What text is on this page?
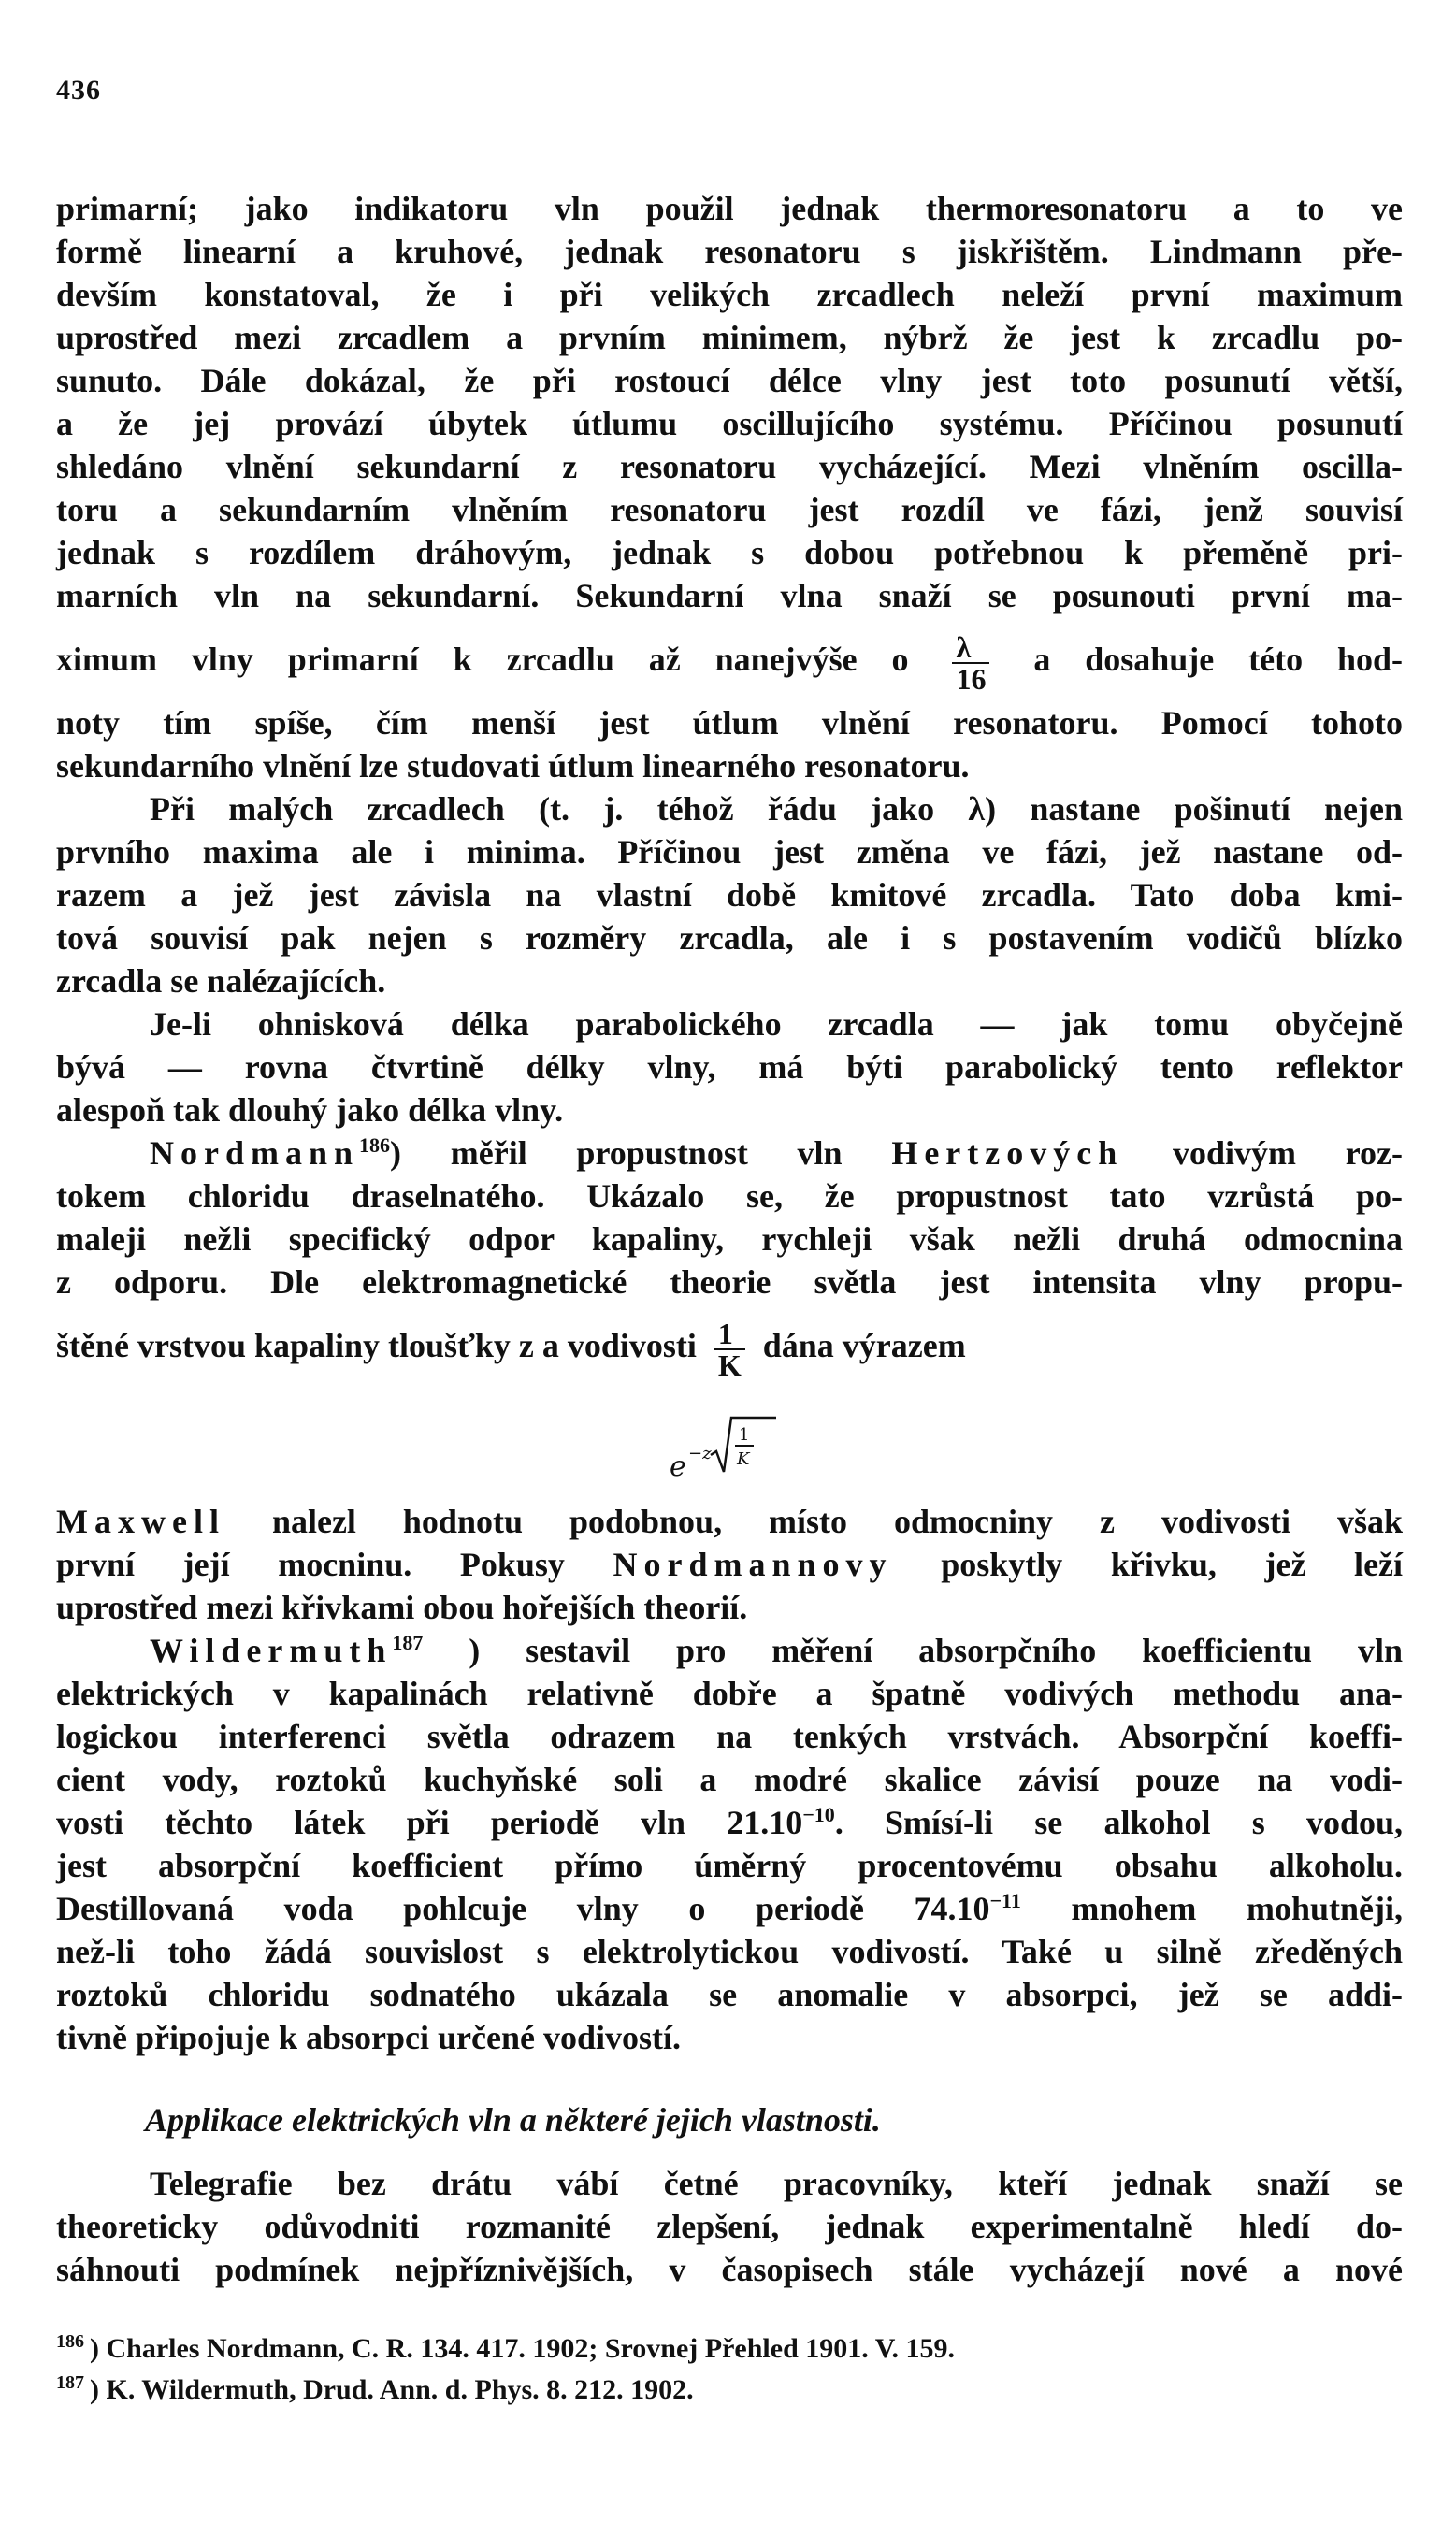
436
primarní; jako indikatoru vln použil jednak thermoresonatoru a to ve
formě linearní a kruhové, jednak resonatoru s jiskřištěm. Lindmann pře-
devším konstatoval, že i při velikých zrcadlech neleží první maximum
uprostřed mezi zrcadlem a prvním minimem, nýbrž že jest k zrcadlu po-
sunuto. Dále dokázal, že při rostoucí délce vlny jest toto posunutí větší,
a že jej provází úbytek útlumu oscillujícího systému. Příčinou posunutí
shledáno vlnění sekundarní z resonatoru vycházející. Mezi vlněním oscilla-
toru a sekundarním vlněním resonatoru jest rozdíl ve fázi, jenž souvisí
jednak s rozdílem dráhovým, jednak s dobou potřebnou k přeměně pri-
marních vln na sekundarní. Sekundarní vlna snaží se posunouti první ma-
ximum vlny primarní k zrcadlu až nanejvýše o $\frac{\lambda}{16}$ a dosahuje této hod-
noty tím spíše, čím menší jest útlum vlnění resonatoru. Pomocí tohoto
sekundarního vlnění lze studovati útlum linearného resonatoru.
Při malých zrcadlech (t. j. téhož řádu jako λ) nastane pošinutí nejen
prvního maxima ale i minima. Příčinou jest změna ve fázi, jež nastane od-
razem a jež jest závisla na vlastní době kmitové zrcadla. Tato doba kmi-
tová souvisí pak nejen s rozměry zrcadla, ale i s postavením vodičů blízko
zrcadla se nalézajících.
Je-li ohnisková délka parabolického zrcadla — jak tomu obyčejně
bývá — rovna čtvrtině délky vlny, má býti parabolický tento reflektor
alespoň tak dlouhý jako délka vlny.
Nordmann$^{186}$) měřil propustnost vln Hertzových vodivým roz-
tokem chloridu draselnatého. Ukázalo se, že propustnost tato vzrůstá po-
maleji nežli specifický odpor kapaliny, rychleji však nežli druhá odmocnina
z odporu. Dle elektromagnetické theorie světla jest intensita vlny propu-
štěné vrstvou kapaliny tloušťky z a vodivosti $\frac{1}{K}$ dána výrazem
e −z
1
K
Maxwell nalezl hodnotu podobnou, místo odmocniny z vodivosti však
první její mocninu. Pokusy Nordmannovy poskytly křivku, jež leží
uprostřed mezi křivkami obou hořejších theorií.
Wildermuth$^{187}$ ) sestavil pro měření absorpčního koefficientu vln
elektrických v kapalinách relativně dobře a špatně vodivých methodu ana-
logickou interferenci světla odrazem na tenkých vrstvách. Absorpční koeffi-
cient vody, roztoků kuchyňské soli a modré skalice závisí pouze na vodi-
vosti těchto látek při periodě vln $21.10^{-10}$. Smísí-li se alkohol s vodou,
jest absorpční koefficient přímo úměrný procentovému obsahu alkoholu.
Destillovaná voda pohlcuje vlny o periodě $74.10^{-11}$ mnohem mohutněji,
než-li toho žádá souvislost s elektrolytickou vodivostí. Také u silně zředěných
roztoků chloridu sodnatého ukázala se anomalie v absorpci, jež se addi-
tivně připojuje k absorpci určené vodivostí.
Applikace elektrických vln a některé jejich vlastnosti.
Telegrafie bez drátu vábí četné pracovníky, kteří jednak snaží se
theoreticky odůvodniti rozmanité zlepšení, jednak experimentalně hledí do-
sáhnouti podmínek nejpříznivějších, v časopisech stále vycházejí nové a nové
$^{186}$ ) Charles Nordmann, C. R. 134. 417. 1902; Srovnej Přehled 1901. V. 159.
$^{187}$ ) K. Wildermuth, Drud. Ann. d. Phys. 8. 212. 1902.
